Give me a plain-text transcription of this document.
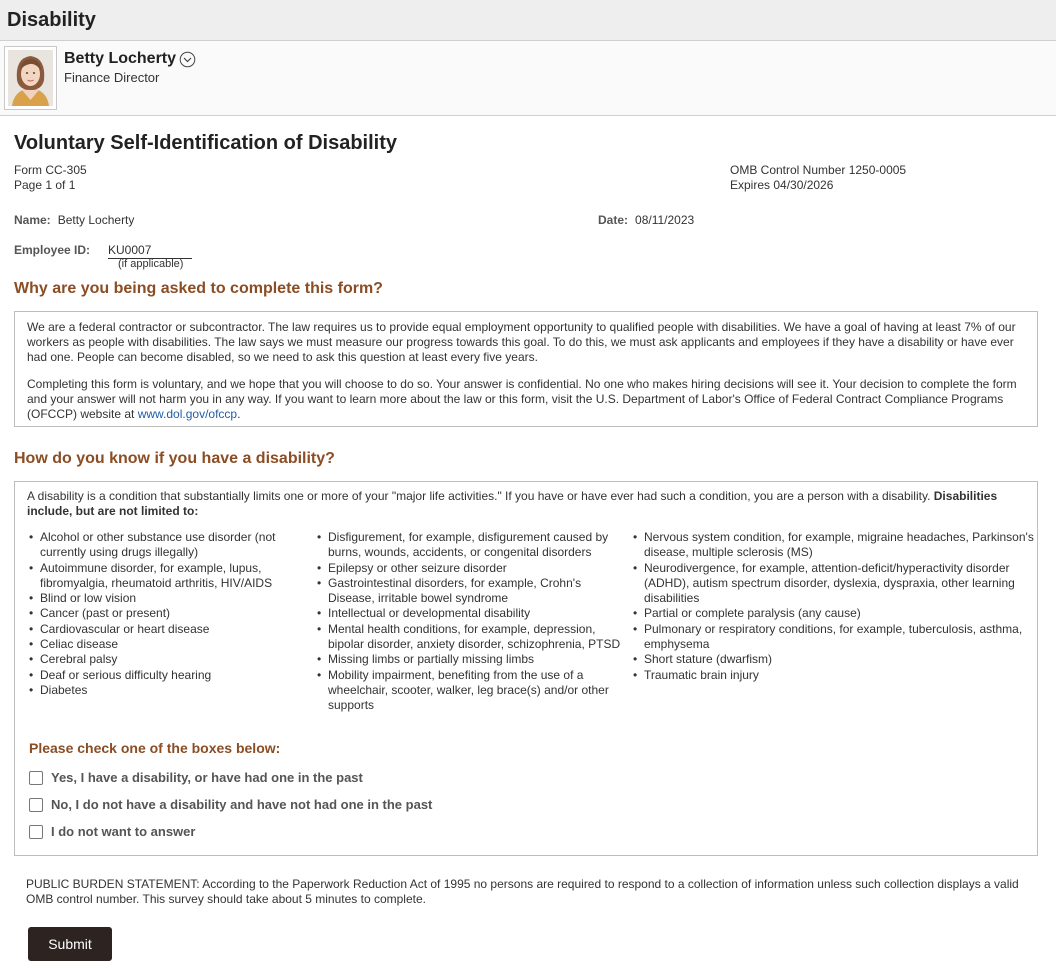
Disability
Betty Locherty
Finance Director
Voluntary Self-Identification of Disability
Form CC-305
Page 1 of 1
OMB Control Number 1250-0005
Expires 04/30/2026
Name: Betty Locherty	Date: 08/11/2023
Employee ID: KU0007
(if applicable)
Why are you being asked to complete this form?

We are a federal contractor or subcontractor. The law requires us to provide equal employment opportunity to qualified people with disabilities. We have a goal of having at least 7% of our workers as people with disabilities. The law says we must measure our progress towards this goal. To do this, we must ask applicants and employees if they have a disability or have ever had one. People can become disabled, so we need to ask this question at least every five years.

Completing this form is voluntary, and we hope that you will choose to do so. Your answer is confidential. No one who makes hiring decisions will see it. Your decision to complete the form and your answer will not harm you in any way. If you want to learn more about the law or this form, visit the U.S. Department of Labor's Office of Federal Contract Compliance Programs (OFCCP) website at www.dol.gov/ofccp.

How do you know if you have a disability?

A disability is a condition that substantially limits one or more of your "major life activities." If you have or have ever had such a condition, you are a person with a disability. Disabilities include, but are not limited to:

• Alcohol or other substance use disorder (not currently using drugs illegally)
• Autoimmune disorder, for example, lupus, fibromyalgia, rheumatoid arthritis, HIV/AIDS
• Blind or low vision
• Cancer (past or present)
• Cardiovascular or heart disease
• Celiac disease
• Cerebral palsy
• Deaf or serious difficulty hearing
• Diabetes
• Disfigurement, for example, disfigurement caused by burns, wounds, accidents, or congenital disorders
• Epilepsy or other seizure disorder
• Gastrointestinal disorders, for example, Crohn's Disease, irritable bowel syndrome
• Intellectual or developmental disability
• Mental health conditions, for example, depression, bipolar disorder, anxiety disorder, schizophrenia, PTSD
• Missing limbs or partially missing limbs
• Mobility impairment, benefiting from the use of a wheelchair, scooter, walker, leg brace(s) and/or other supports
• Nervous system condition, for example, migraine headaches, Parkinson's disease, multiple sclerosis (MS)
• Neurodivergence, for example, attention-deficit/hyperactivity disorder (ADHD), autism spectrum disorder, dyslexia, dyspraxia, other learning disabilities
• Partial or complete paralysis (any cause)
• Pulmonary or respiratory conditions, for example, tuberculosis, asthma, emphysema
• Short stature (dwarfism)
• Traumatic brain injury
Please check one of the boxes below:
Yes, I have a disability, or have had one in the past
No, I do not have a disability and have not had one in the past
I do not want to answer
PUBLIC BURDEN STATEMENT: According to the Paperwork Reduction Act of 1995 no persons are required to respond to a collection of information unless such collection displays a valid OMB control number. This survey should take about 5 minutes to complete.
Submit
